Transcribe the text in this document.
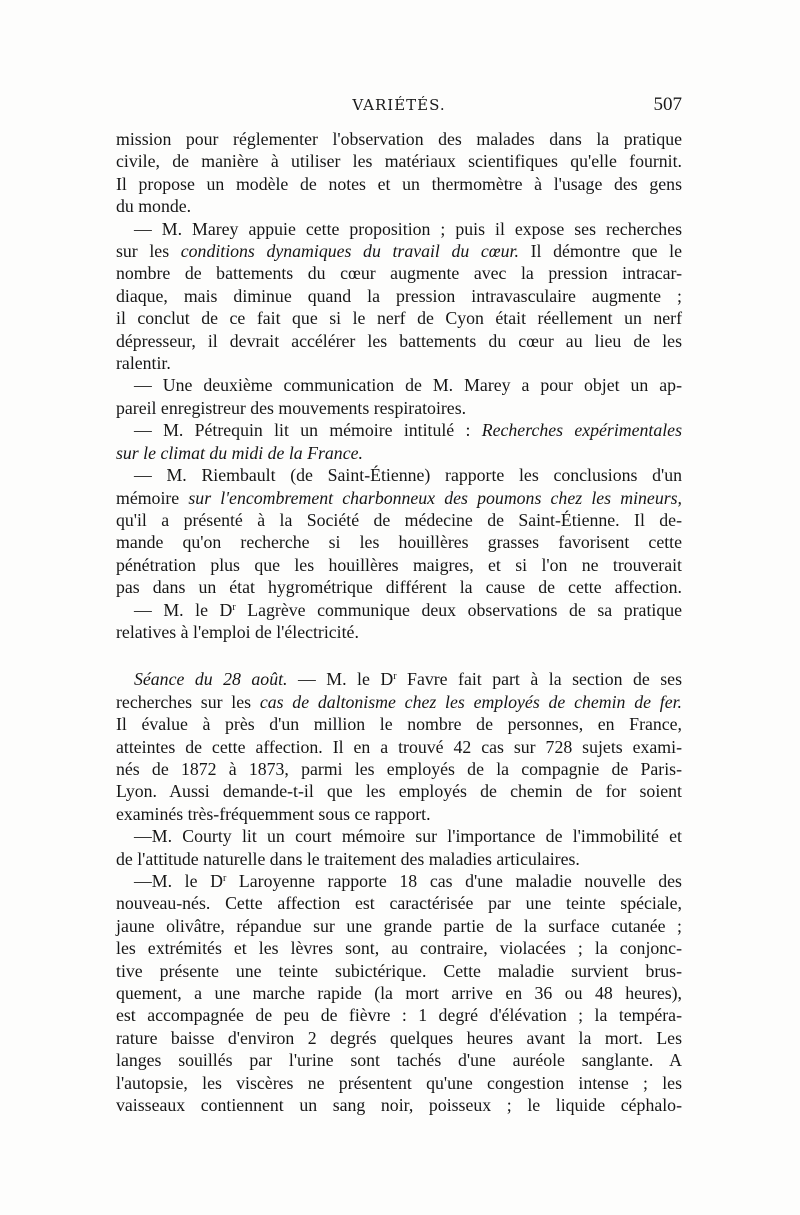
VARIÉTÉS.	507
mission pour réglementer l'observation des malades dans la pratique
civile, de manière à utiliser les matériaux scientifiques qu'elle fournit.
Il propose un modèle de notes et un thermomètre à l'usage des gens
du monde.
— M. Marey appuie cette proposition ; puis il expose ses recherches
sur les conditions dynamiques du travail du cœur. Il démontre que le
nombre de battements du cœur augmente avec la pression intracar-
diaque, mais diminue quand la pression intravasculaire augmente ;
il conclut de ce fait que si le nerf de Cyon était réellement un nerf
dépresseur, il devrait accélérer les battements du cœur au lieu de les
ralentir.
— Une deuxième communication de M. Marey a pour objet un ap-
pareil enregistreur des mouvements respiratoires.
— M. Pétrequin lit un mémoire intitulé : Recherches expérimentales
sur le climat du midi de la France.
— M. Riembault (de Saint-Étienne) rapporte les conclusions d'un
mémoire sur l'encombrement charbonneux des poumons chez les mineurs,
qu'il a présenté à la Société de médecine de Saint-Étienne. Il de-
mande qu'on recherche si les houillères grasses favorisent cette
pénétration plus que les houillères maigres, et si l'on ne trouverait
pas dans un état hygrométrique différent la cause de cette affection.
— M. le $D^r$ Lagrève communique deux observations de sa pratique
relatives à l'emploi de l'électricité.
Séance du 28 août. — M. le $D^r$ Favre fait part à la section de ses
recherches sur les cas de daltonisme chez les employés de chemin de fer.
Il évalue à près d'un million le nombre de personnes, en France,
atteintes de cette affection. Il en a trouvé 42 cas sur 728 sujets exami-
nés de 1872 à 1873, parmi les employés de la compagnie de Paris-
Lyon. Aussi demande-t-il que les employés de chemin de for soient
examinés très-fréquemment sous ce rapport.
—M. Courty lit un court mémoire sur l'importance de l'immobilité et
de l'attitude naturelle dans le traitement des maladies articulaires.
—M. le $D^r$ Laroyenne rapporte 18 cas d'une maladie nouvelle des
nouveau-nés. Cette affection est caractérisée par une teinte spéciale,
jaune olivâtre, répandue sur une grande partie de la surface cutanée ;
les extrémités et les lèvres sont, au contraire, violacées ; la conjonc-
tive présente une teinte subictérique. Cette maladie survient brus-
quement, a une marche rapide (la mort arrive en 36 ou 48 heures),
est accompagnée de peu de fièvre : 1 degré d'élévation ; la tempéra-
rature baisse d'environ 2 degrés quelques heures avant la mort. Les
langes souillés par l'urine sont tachés d'une auréole sanglante. A
l'autopsie, les viscères ne présentent qu'une congestion intense ; les
vaisseaux contiennent un sang noir, poisseux ; le liquide céphalo-
